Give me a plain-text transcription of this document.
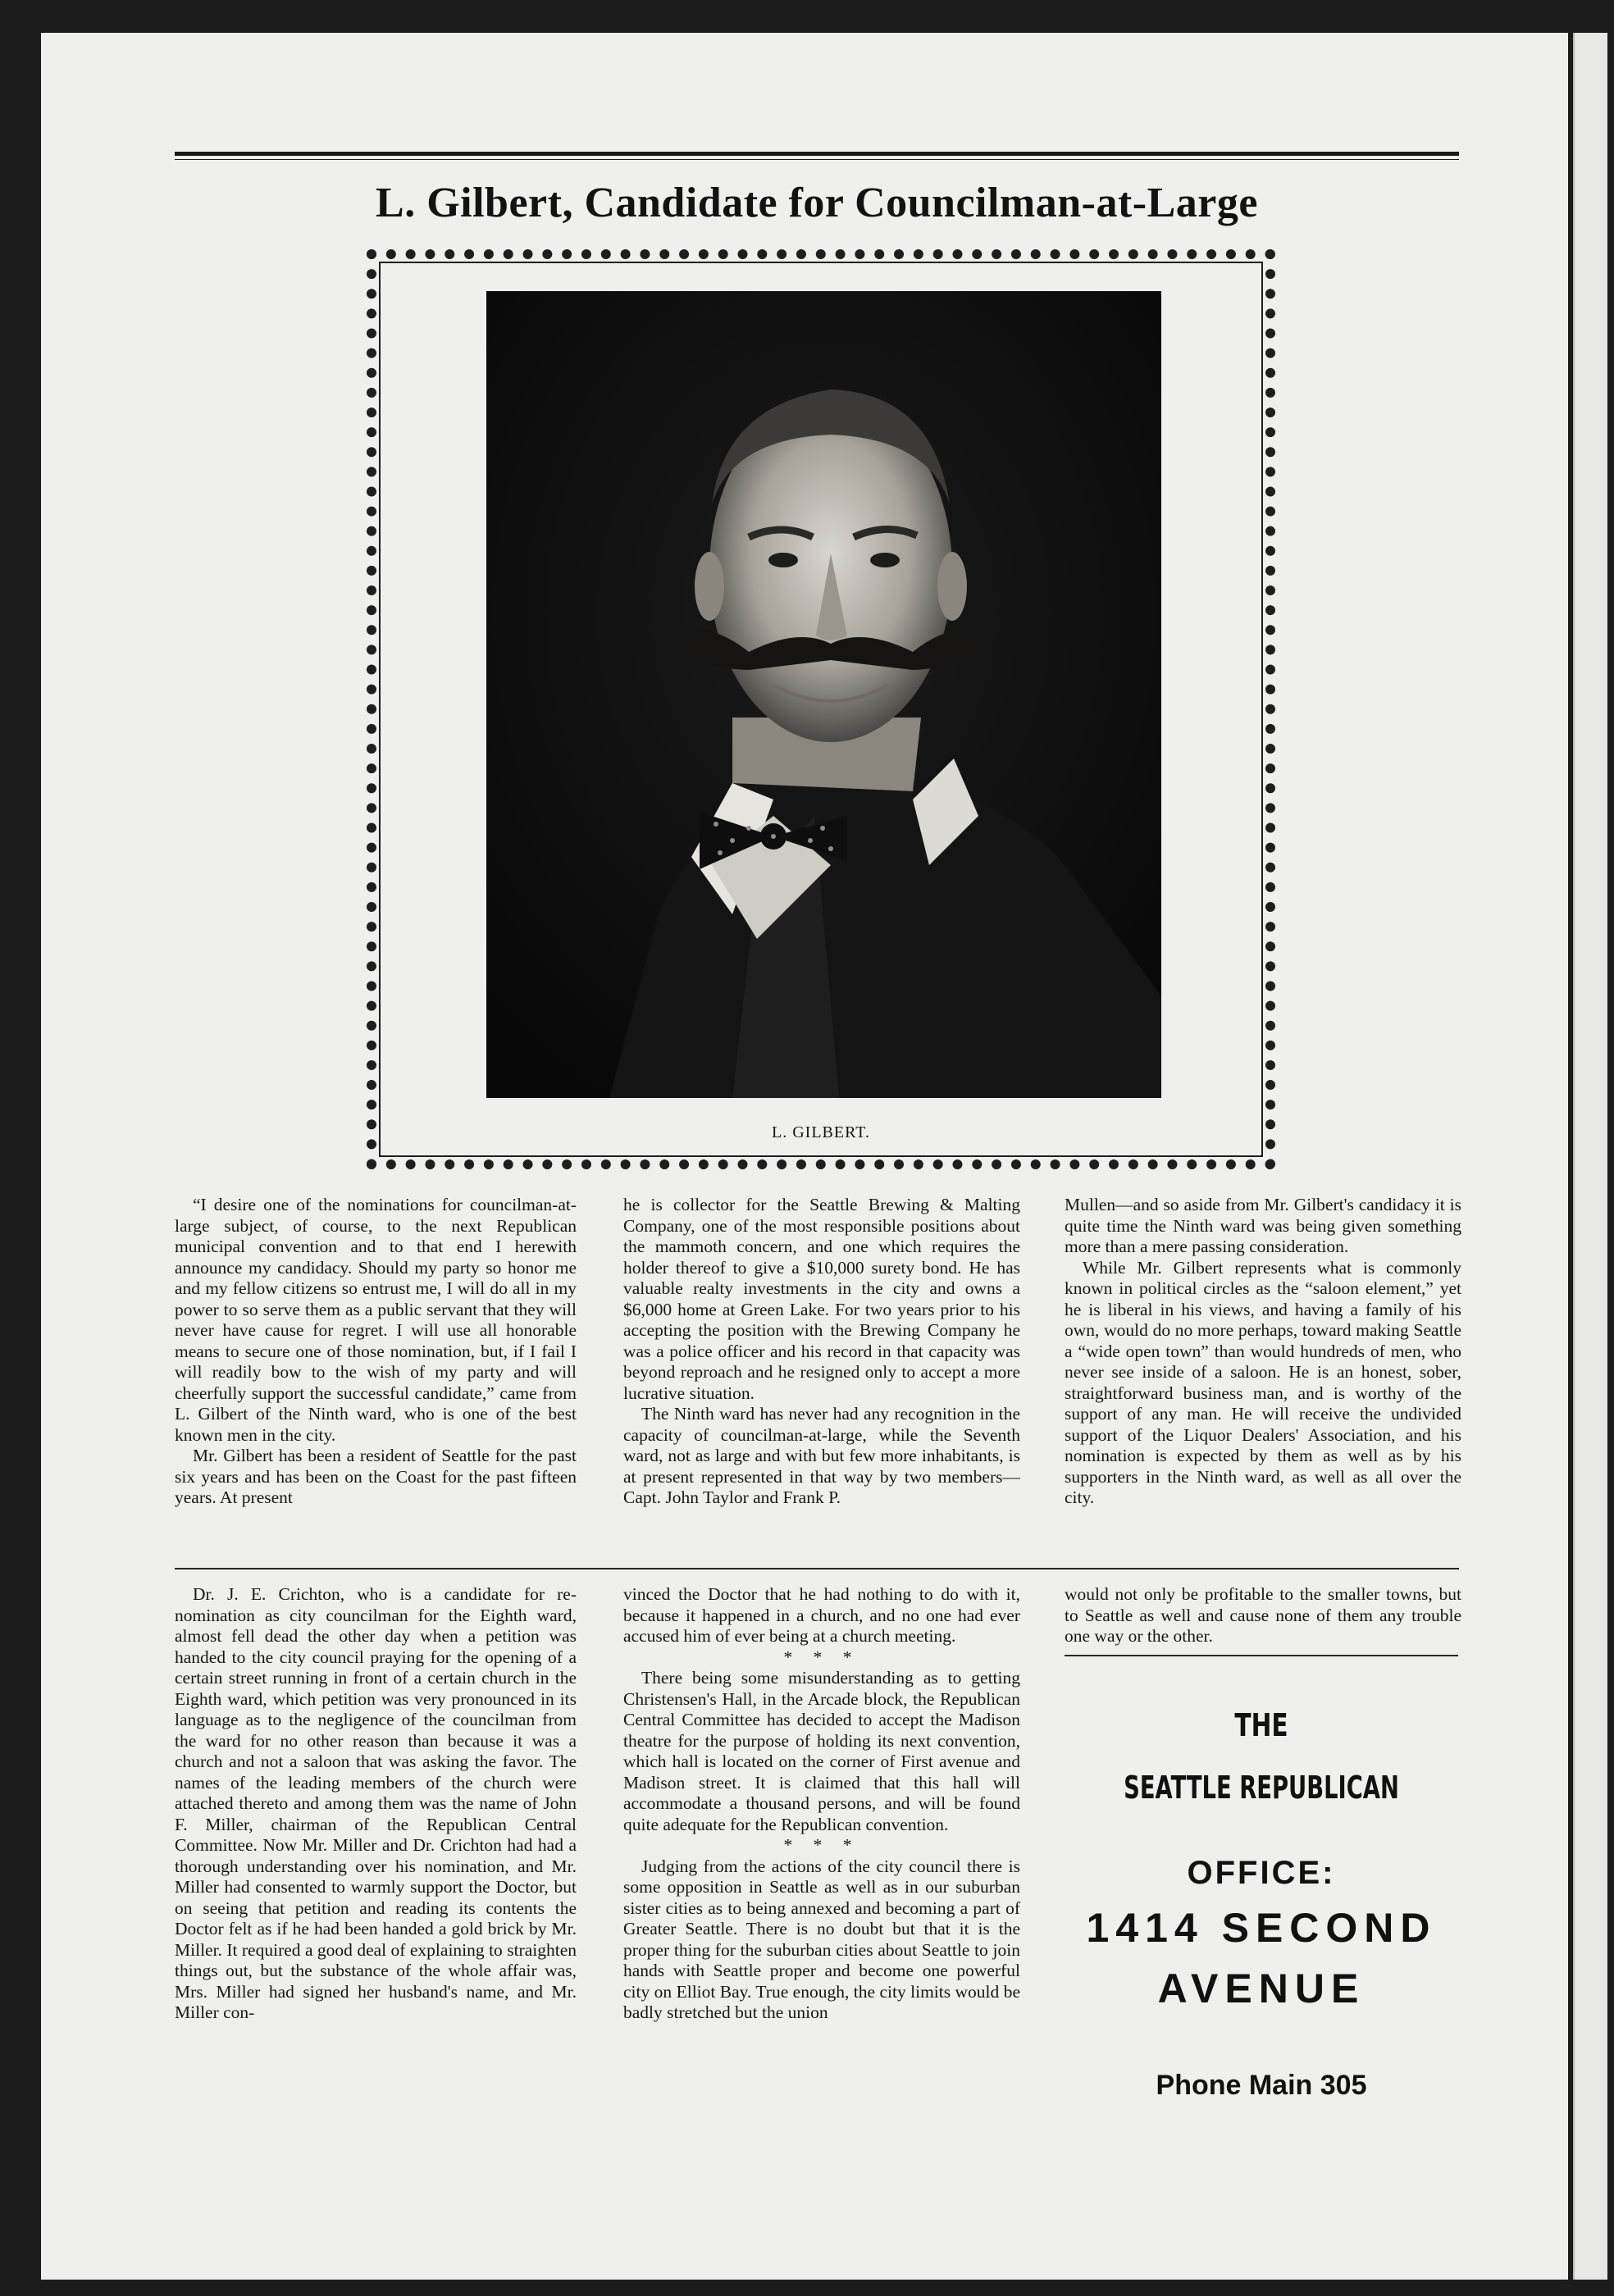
L. Gilbert, Candidate for Councilman-at-Large
L. GILBERT.

“I desire one of the nominations for councilman-at-large subject, of course, to the next Republican municipal convention and to that end I herewith announce my candidacy. Should my party so honor me and my fellow citizens so entrust me, I will do all in my power to so serve them as a public servant that they will never have cause for regret. I will use all honorable means to secure one of those nomination, but, if I fail I will readily bow to the wish of my party and will cheerfully support the successful candidate,” came from L. Gilbert of the Ninth ward, who is one of the best known men in the city.

Mr. Gilbert has been a resident of Seattle for the past six years and has been on the Coast for the past fifteen years. At present

he is collector for the Seattle Brewing & Malting Company, one of the most responsible positions about the mammoth concern, and one which requires the holder thereof to give a $10,000 surety bond. He has valuable realty investments in the city and owns a $6,000 home at Green Lake. For two years prior to his accepting the position with the Brewing Company he was a police officer and his record in that capacity was beyond reproach and he resigned only to accept a more lucrative situation.

The Ninth ward has never had any recognition in the capacity of councilman-at-large, while the Seventh ward, not as large and with but few more inhabitants, is at present represented in that way by two members—Capt. John Taylor and Frank P.

Mullen—and so aside from Mr. Gilbert's candidacy it is quite time the Ninth ward was being given something more than a mere passing consideration.

While Mr. Gilbert represents what is commonly known in political circles as the “saloon element,” yet he is liberal in his views, and having a family of his own, would do no more perhaps, toward making Seattle a “wide open town” than would hundreds of men, who never see inside of a saloon. He is an honest, sober, straightforward business man, and is worthy of the support of any man. He will receive the undivided support of the Liquor Dealers' Association, and his nomination is expected by them as well as by his supporters in the Ninth ward, as well as all over the city.

Dr. J. E. Crichton, who is a candidate for re-nomination as city councilman for the Eighth ward, almost fell dead the other day when a petition was handed to the city council praying for the opening of a certain street running in front of a certain church in the Eighth ward, which petition was very pronounced in its language as to the negligence of the councilman from the ward for no other reason than because it was a church and not a saloon that was asking the favor. The names of the leading members of the church were attached thereto and among them was the name of John F. Miller, chairman of the Republican Central Committee. Now Mr. Miller and Dr. Crichton had had a thorough understanding over his nomination, and Mr. Miller had consented to warmly support the Doctor, but on seeing that petition and reading its contents the Doctor felt as if he had been handed a gold brick by Mr. Miller. It required a good deal of explaining to straighten things out, but the substance of the whole affair was, Mrs. Miller had signed her husband's name, and Mr. Miller con-

vinced the Doctor that he had nothing to do with it, because it happened in a church, and no one had ever accused him of ever being at a church meeting.

* * *

There being some misunderstanding as to getting Christensen's Hall, in the Arcade block, the Republican Central Committee has decided to accept the Madison theatre for the purpose of holding its next convention, which hall is located on the corner of First avenue and Madison street. It is claimed that this hall will accommodate a thousand persons, and will be found quite adequate for the Republican convention.

* * *

Judging from the actions of the city council there is some opposition in Seattle as well as in our suburban sister cities as to being annexed and becoming a part of Greater Seattle. There is no doubt but that it is the proper thing for the suburban cities about Seattle to join hands with Seattle proper and become one powerful city on Elliot Bay. True enough, the city limits would be badly stretched but the union

would not only be profitable to the smaller towns, but to Seattle as well and cause none of them any trouble one way or the other.

THE
SEATTLE REPUBLICAN
OFFICE:
1414 SECOND
AVENUE
Phone Main 305
